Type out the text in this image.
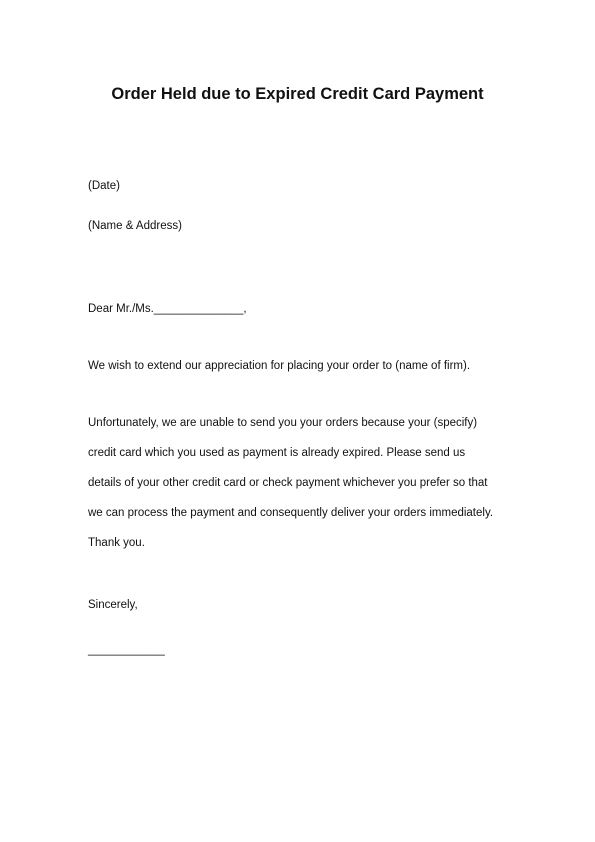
Order Held due to Expired Credit Card Payment

(Date)

(Name & Address)

Dear Mr./Ms.______________,

We wish to extend our appreciation for placing your order to (name of firm).

Unfortunately, we are unable to send you your orders because your (specify)
credit card which you used as payment is already expired. Please send us
details of your other credit card or check payment whichever you prefer so that
we can process the payment and consequently deliver your orders immediately.
Thank you.

Sincerely,

____________
